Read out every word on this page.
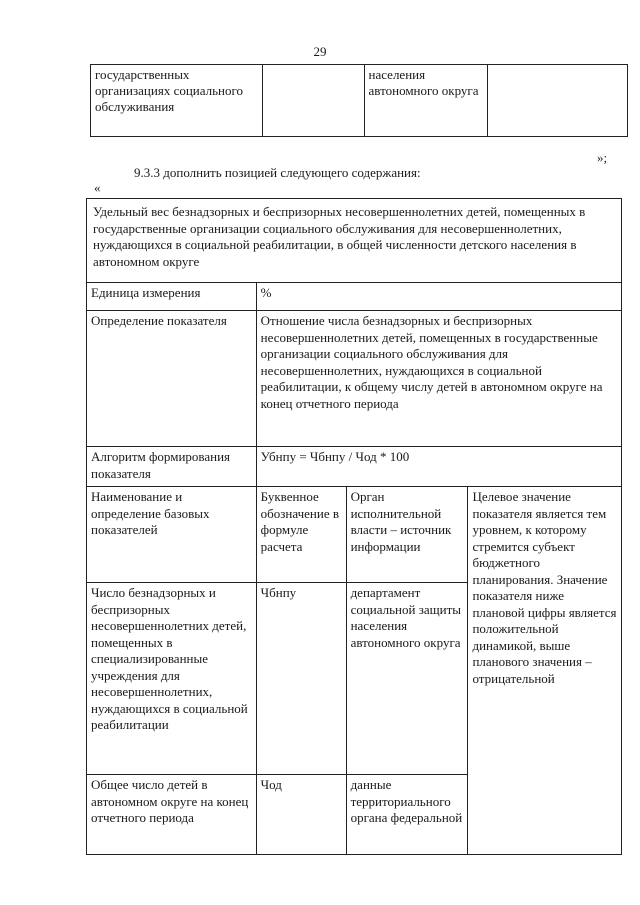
29
государственных организациях социального обслуживания		населения автономного округа	
9.3.3 дополнить позицией следующего содержания:
»;
«
Удельный вес безнадзорных и беспризорных несовершеннолетних детей, помещенных в государственные организации социального обслуживания для несовершеннолетних, нуждающихся в социальной реабилитации, в общей численности детского населения в автономном округе			
Единица измерения	%		
Определение показателя	Отношение числа безнадзорных и беспризорных несовершеннолетних детей, помещенных в государственные организации социального обслуживания для несовершеннолетних, нуждающихся в социальной реабилитации, к общему числу детей в автономном округе на конец отчетного периода		
Алгоритм формирования показателя	Убнпу = Чбнпу / Чод * 100		
Наименование и определение базовых показателей	Буквенное обозначение в формуле расчета	Орган исполнительной власти – источник информации	Целевое значение показателя является тем уровнем, к которому стремится субъект бюджетного планирования. Значение показателя ниже плановой цифры является положительной динамикой, выше планового значения – отрицательной
Число безнадзорных и беспризорных несовершеннолетних детей, помещенных в специализированные учреждения для несовершеннолетних, нуждающихся в социальной реабилитации	Чбнпу	департамент социальной защиты населения автономного округа	
Общее число детей в автономном округе на конец отчетного периода	Чод	данные территориального органа федеральной	
